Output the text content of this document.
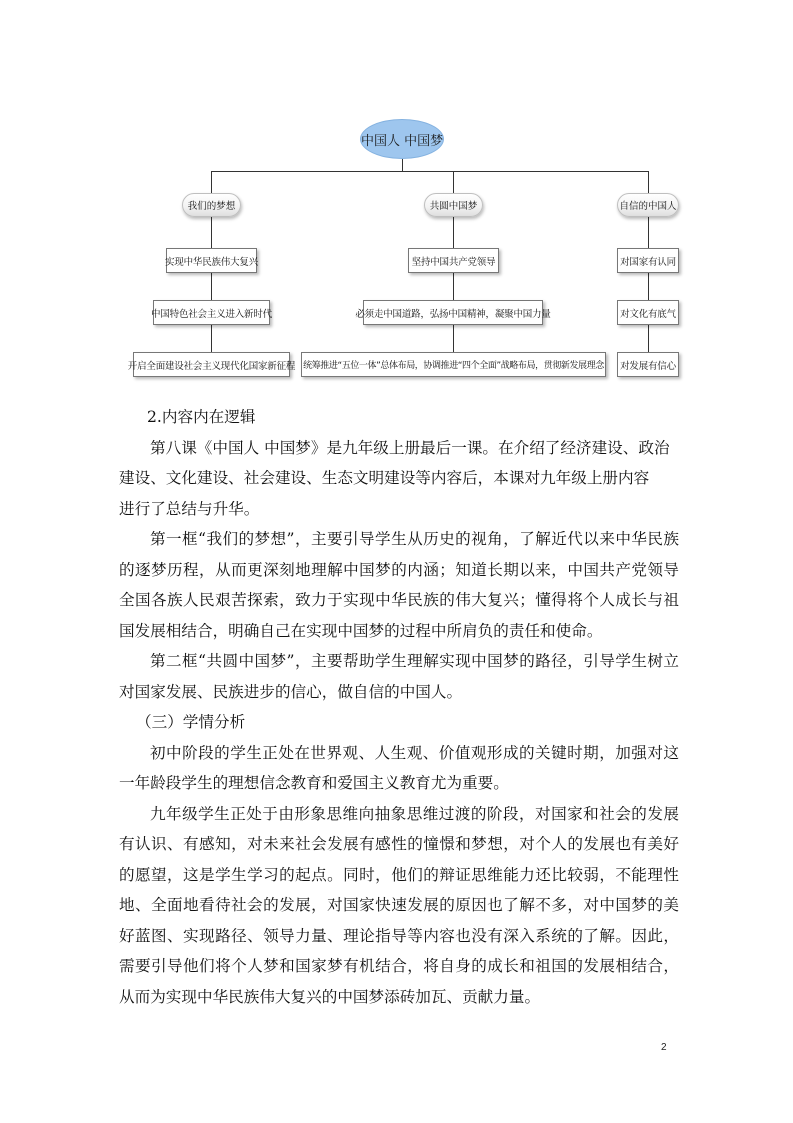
中国人 中国梦
我们的梦想	共圆中国梦	自信的中国人
实现中华民族伟大复兴
中国特色社会主义进入新时代
开启全面建设社会主义现代化国家新征程
坚持中国共产党领导
必须走中国道路，弘扬中国精神，凝聚中国力量
统筹推进“五位一体”总体布局，协调推进“四个全面”战略布局，贯彻新发展理念
对国家有认同
对文化有底气
对发展有信心

2.内容内在逻辑

第八课《中国人 中国梦》是九年级上册最后一课。在介绍了经济建设、政治建设、文化建设、社会建设、生态文明建设等内容后，本课对九年级上册内容

进行了总结与升华。

第一框“我们的梦想”，主要引导学生从历史的视角，了解近代以来中华民族的逐梦历程，从而更深刻地理解中国梦的内涵；知道长期以来，中国共产党领导全国各族人民艰苦探索，致力于实现中华民族的伟大复兴；懂得将个人成长与祖国发展相结合，明确自己在实现中国梦的过程中所肩负的责任和使命。

第二框“共圆中国梦”，主要帮助学生理解实现中国梦的路径，引导学生树立对国家发展、民族进步的信心，做自信的中国人。

（三）学情分析

初中阶段的学生正处在世界观、人生观、价值观形成的关键时期，加强对这一年龄段学生的理想信念教育和爱国主义教育尤为重要。

九年级学生正处于由形象思维向抽象思维过渡的阶段，对国家和社会的发展有认识、有感知，对未来社会发展有感性的憧憬和梦想，对个人的发展也有美好的愿望，这是学生学习的起点。同时，他们的辩证思维能力还比较弱，不能理性地、全面地看待社会的发展，对国家快速发展的原因也了解不多，对中国梦的美好蓝图、实现路径、领导力量、理论指导等内容也没有深入系统的了解。因此，需要引导他们将个人梦和国家梦有机结合，将自身的成长和祖国的发展相结合，从而为实现中华民族伟大复兴的中国梦添砖加瓦、贡献力量。

2
